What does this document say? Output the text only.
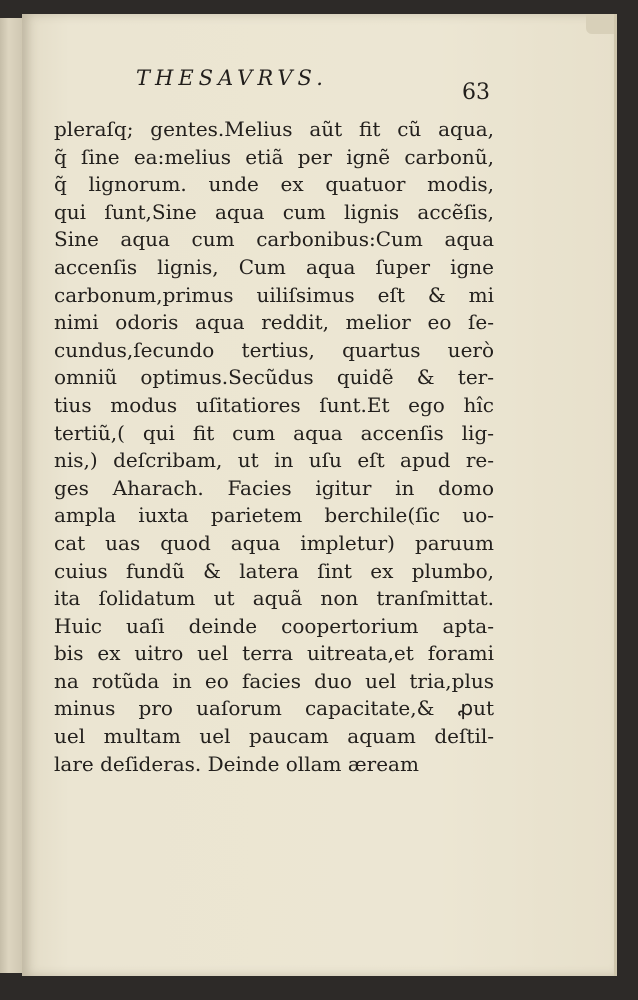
THESAVRVS.
63
pleraſq; gentes.Melius aũt fit cũ aqua,
q̃ ſine ea:melius etiã per ignẽ carbonũ,
q̃ lignorum. unde ex quatuor modis,
qui ſunt,Sine aqua cum lignis accẽſis,
Sine aqua cum carbonibus:Cum aqua
accenſis lignis, Cum aqua ſuper igne
carbonum,primus uiliſsimus eſt & mi
nimi odoris aqua reddit, melior eo ſe-
cundus,ſecundo tertius, quartus uerò
omniũ optimus.Secũdus quidẽ & ter-
tius modus uſitatiores ſunt.Et ego hîc
tertiũ,( qui fit cum aqua accenſis lig-
nis,) deſcribam, ut in uſu eſt apud re-
ges Aharach. Facies igitur in domo
ampla iuxta parietem berchile(ſic uo-
cat uas quod aqua impletur) paruum
cuius fundũ & latera ſint ex plumbo,
ita ſolidatum ut aquã non tranſmittat.
Huic uaſi deinde coopertorium apta-
bis ex uitro uel terra uitreata,et forami
na rotũda in eo facies duo uel tria,plus
minus pro uaſorum capacitate,& ꝓut
uel multam uel paucam aquam deſtil-
lare deſideras. Deinde ollam æream
